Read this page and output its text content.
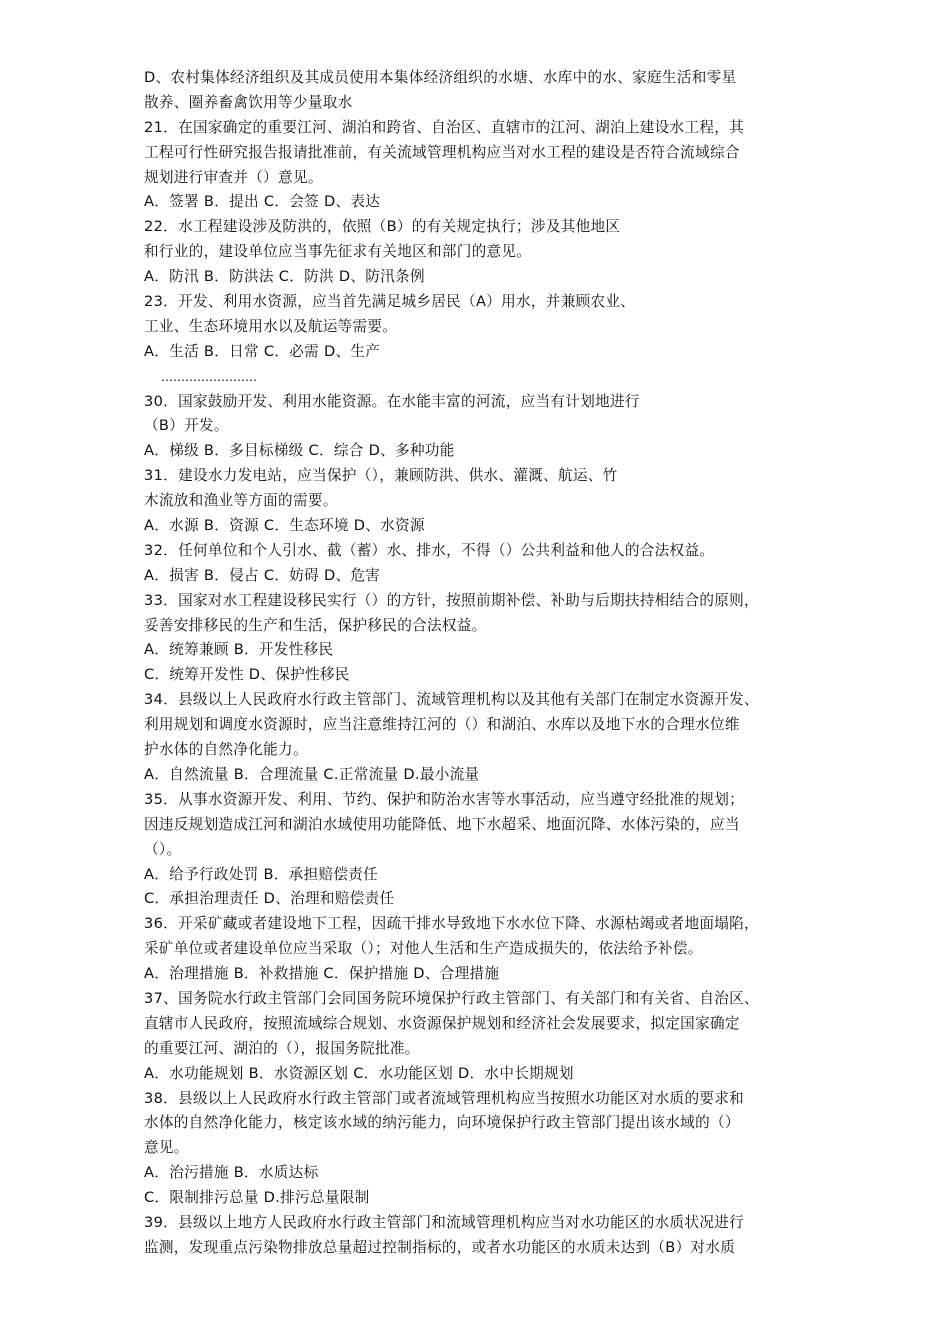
D、农村集体经济组织及其成员使用本集体经济组织的水塘、水库中的水、家庭生活和零星
散养、圈养畜禽饮用等少量取水
21．在国家确定的重要江河、湖泊和跨省、自治区、直辖市的江河、湖泊上建设水工程，其
工程可行性研究报告报请批准前，有关流域管理机构应当对水工程的建设是否符合流域综合
规划进行审查并（）意见。
A．签署 B．提出 C．会签 D、表达
22．水工程建设涉及防洪的，依照（B）的有关规定执行；涉及其他地区
和行业的，建设单位应当事先征求有关地区和部门的意见。
A．防汛 B．防洪法 C．防洪 D、防汛条例
23．开发、利用水资源，应当首先满足城乡居民（A）用水，并兼顾农业、
工业、生态环境用水以及航运等需要。
A．生活 B．日常 C．必需 D、生产
……………………
30．国家鼓励开发、利用水能资源。在水能丰富的河流，应当有计划地进行
（B）开发。
A．梯级 B．多目标梯级 C．综合 D、多种功能
31．建设水力发电站，应当保护（），兼顾防洪、供水、灌溉、航运、竹
木流放和渔业等方面的需要。
A．水源 B．资源 C．生态环境 D、水资源
32．任何单位和个人引水、截（蓄）水、排水，不得（）公共利益和他人的合法权益。
A．损害 B．侵占 C．妨碍 D、危害
33．国家对水工程建设移民实行（）的方针，按照前期补偿、补助与后期扶持相结合的原则，
妥善安排移民的生产和生活，保护移民的合法权益。
A．统筹兼顾 B．开发性移民
C．统筹开发性 D、保护性移民
34．县级以上人民政府水行政主管部门、流域管理机构以及其他有关部门在制定水资源开发、
利用规划和调度水资源时，应当注意维持江河的（）和湖泊、水库以及地下水的合理水位维
护水体的自然净化能力。
A．自然流量 B．合理流量 C.正常流量 D.最小流量
35．从事水资源开发、利用、节约、保护和防治水害等水事活动，应当遵守经批准的规划；
因违反规划造成江河和湖泊水域使用功能降低、地下水超采、地面沉降、水体污染的，应当
（）。
A．给予行政处罚 B．承担赔偿责任
C．承担治理责任 D、治理和赔偿责任
36．开采矿藏或者建设地下工程，因疏干排水导致地下水水位下降、水源枯竭或者地面塌陷，
采矿单位或者建设单位应当采取（）；对他人生活和生产造成损失的，依法给予补偿。
A．治理措施 B．补救措施 C．保护措施 D、合理措施
37、国务院水行政主管部门会同国务院环境保护行政主管部门、有关部门和有关省、自治区、
直辖市人民政府，按照流域综合规划、水资源保护规划和经济社会发展要求，拟定国家确定
的重要江河、湖泊的（），报国务院批准。
A．水功能规划 B．水资源区划 C．水功能区划 D．水中长期规划
38．县级以上人民政府水行政主管部门或者流域管理机构应当按照水功能区对水质的要求和
水体的自然净化能力，核定该水域的纳污能力，向环境保护行政主管部门提出该水域的（）
意见。
A．治污措施 B．水质达标
C．限制排污总量 D.排污总量限制
39．县级以上地方人民政府水行政主管部门和流域管理机构应当对水功能区的水质状况进行
监测，发现重点污染物排放总量超过控制指标的，或者水功能区的水质未达到（B）对水质
